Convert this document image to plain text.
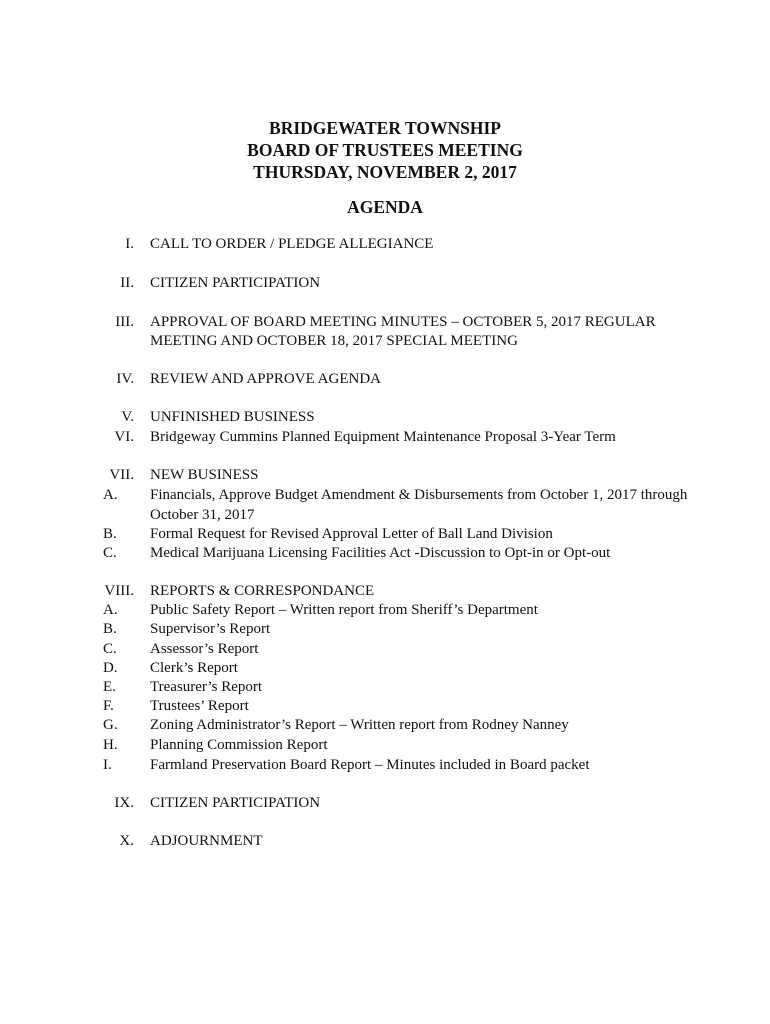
BRIDGEWATER TOWNSHIP
BOARD OF TRUSTEES MEETING
THURSDAY, NOVEMBER 2, 2017
AGENDA
I. CALL TO ORDER / PLEDGE ALLEGIANCE
II. CITIZEN PARTICIPATION
III. APPROVAL OF BOARD MEETING MINUTES – OCTOBER 5, 2017 REGULAR
MEETING AND OCTOBER 18, 2017 SPECIAL MEETING
IV. REVIEW AND APPROVE AGENDA
V. UNFINISHED BUSINESS
VI. Bridgeway Cummins Planned Equipment Maintenance Proposal 3-Year Term
VII. NEW BUSINESS
A. Financials, Approve Budget Amendment & Disbursements from October 1, 2017 through
October 31, 2017
B. Formal Request for Revised Approval Letter of Ball Land Division
C. Medical Marijuana Licensing Facilities Act -Discussion to Opt-in or Opt-out
VIII. REPORTS & CORRESPONDANCE
A. Public Safety Report – Written report from Sheriff’s Department
B. Supervisor’s Report
C. Assessor’s Report
D. Clerk’s Report
E. Treasurer’s Report
F. Trustees’ Report
G. Zoning Administrator’s Report – Written report from Rodney Nanney
H. Planning Commission Report
I.	Farmland Preservation Board Report – Minutes included in Board packet
IX. CITIZEN PARTICIPATION
X. ADJOURNMENT
